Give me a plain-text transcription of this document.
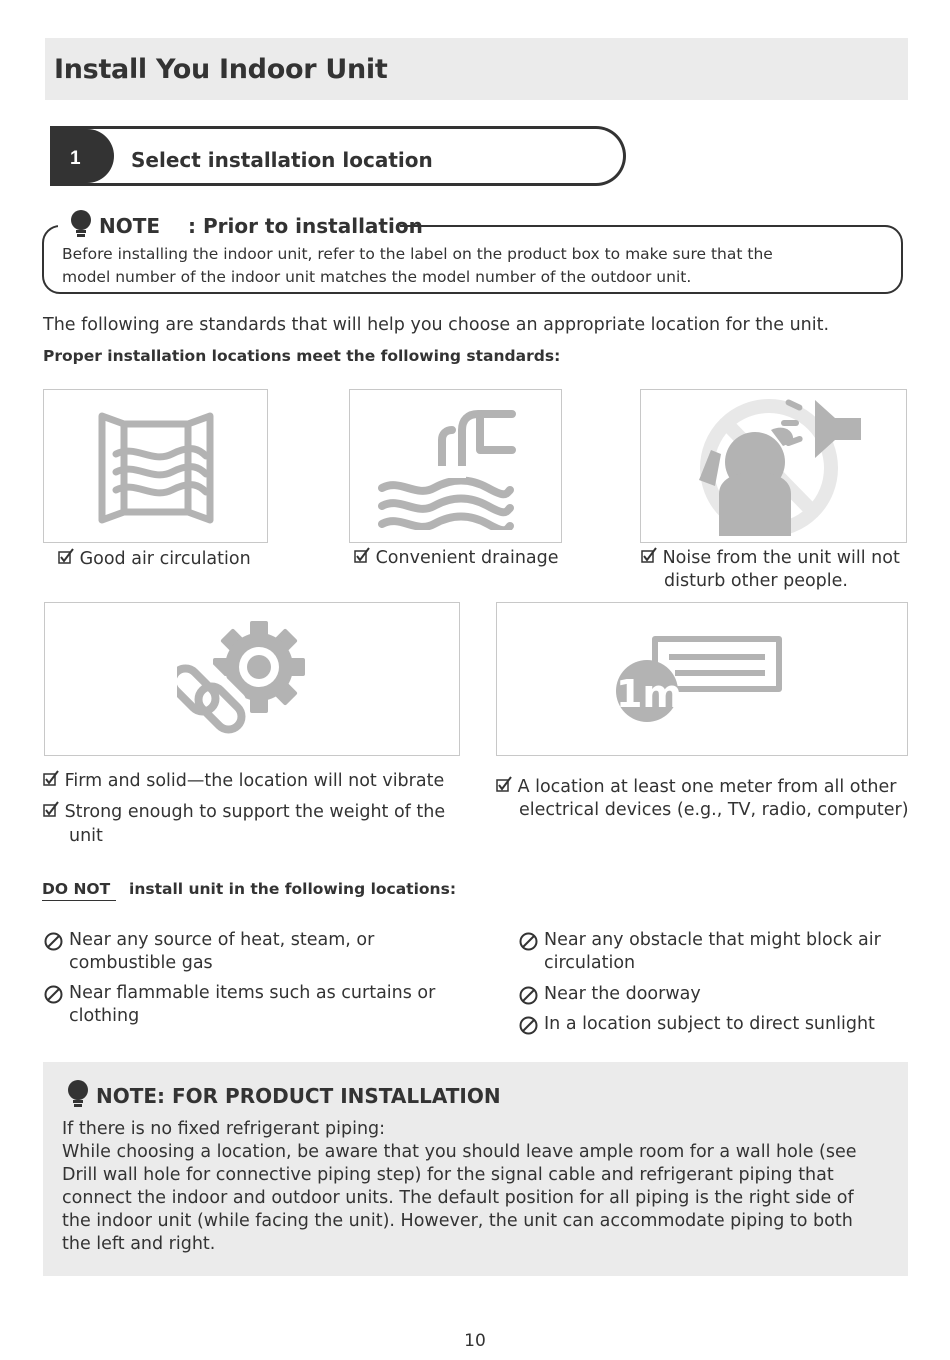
Install You Indoor Unit
1	Select installation location
NOTE : Prior to installation
Before installing the indoor unit, refer to the label on the product box to make sure that the
model number of the indoor unit matches the model number of the outdoor unit.
The following are standards that will help you choose an appropriate location for the unit.
Proper installation locations meet the following standards:
Good air circulation	Convenient drainage	Noise from the unit will not
disturb other people.
Firm and solid—the location will not vibrate
Strong enough to support the weight of the
unit
1m
A location at least one meter from all other
electrical devices (e.g., TV, radio, computer)
DO NOT	install unit in the following locations:
Near any source of heat, steam, or
combustible gas
Near flammable items such as curtains or
clothing
Near any obstacle that might block air
circulation
Near the doorway
In a location subject to direct sunlight
NOTE: FOR PRODUCT INSTALLATION
If there is no fixed refrigerant piping:
While choosing a location, be aware that you should leave ample room for a wall hole (see
Drill wall hole for connective piping step) for the signal cable and refrigerant piping that
connect the indoor and outdoor units. The default position for all piping is the right side of
the indoor unit (while facing the unit). However, the unit can accommodate piping to both
the left and right.
10
